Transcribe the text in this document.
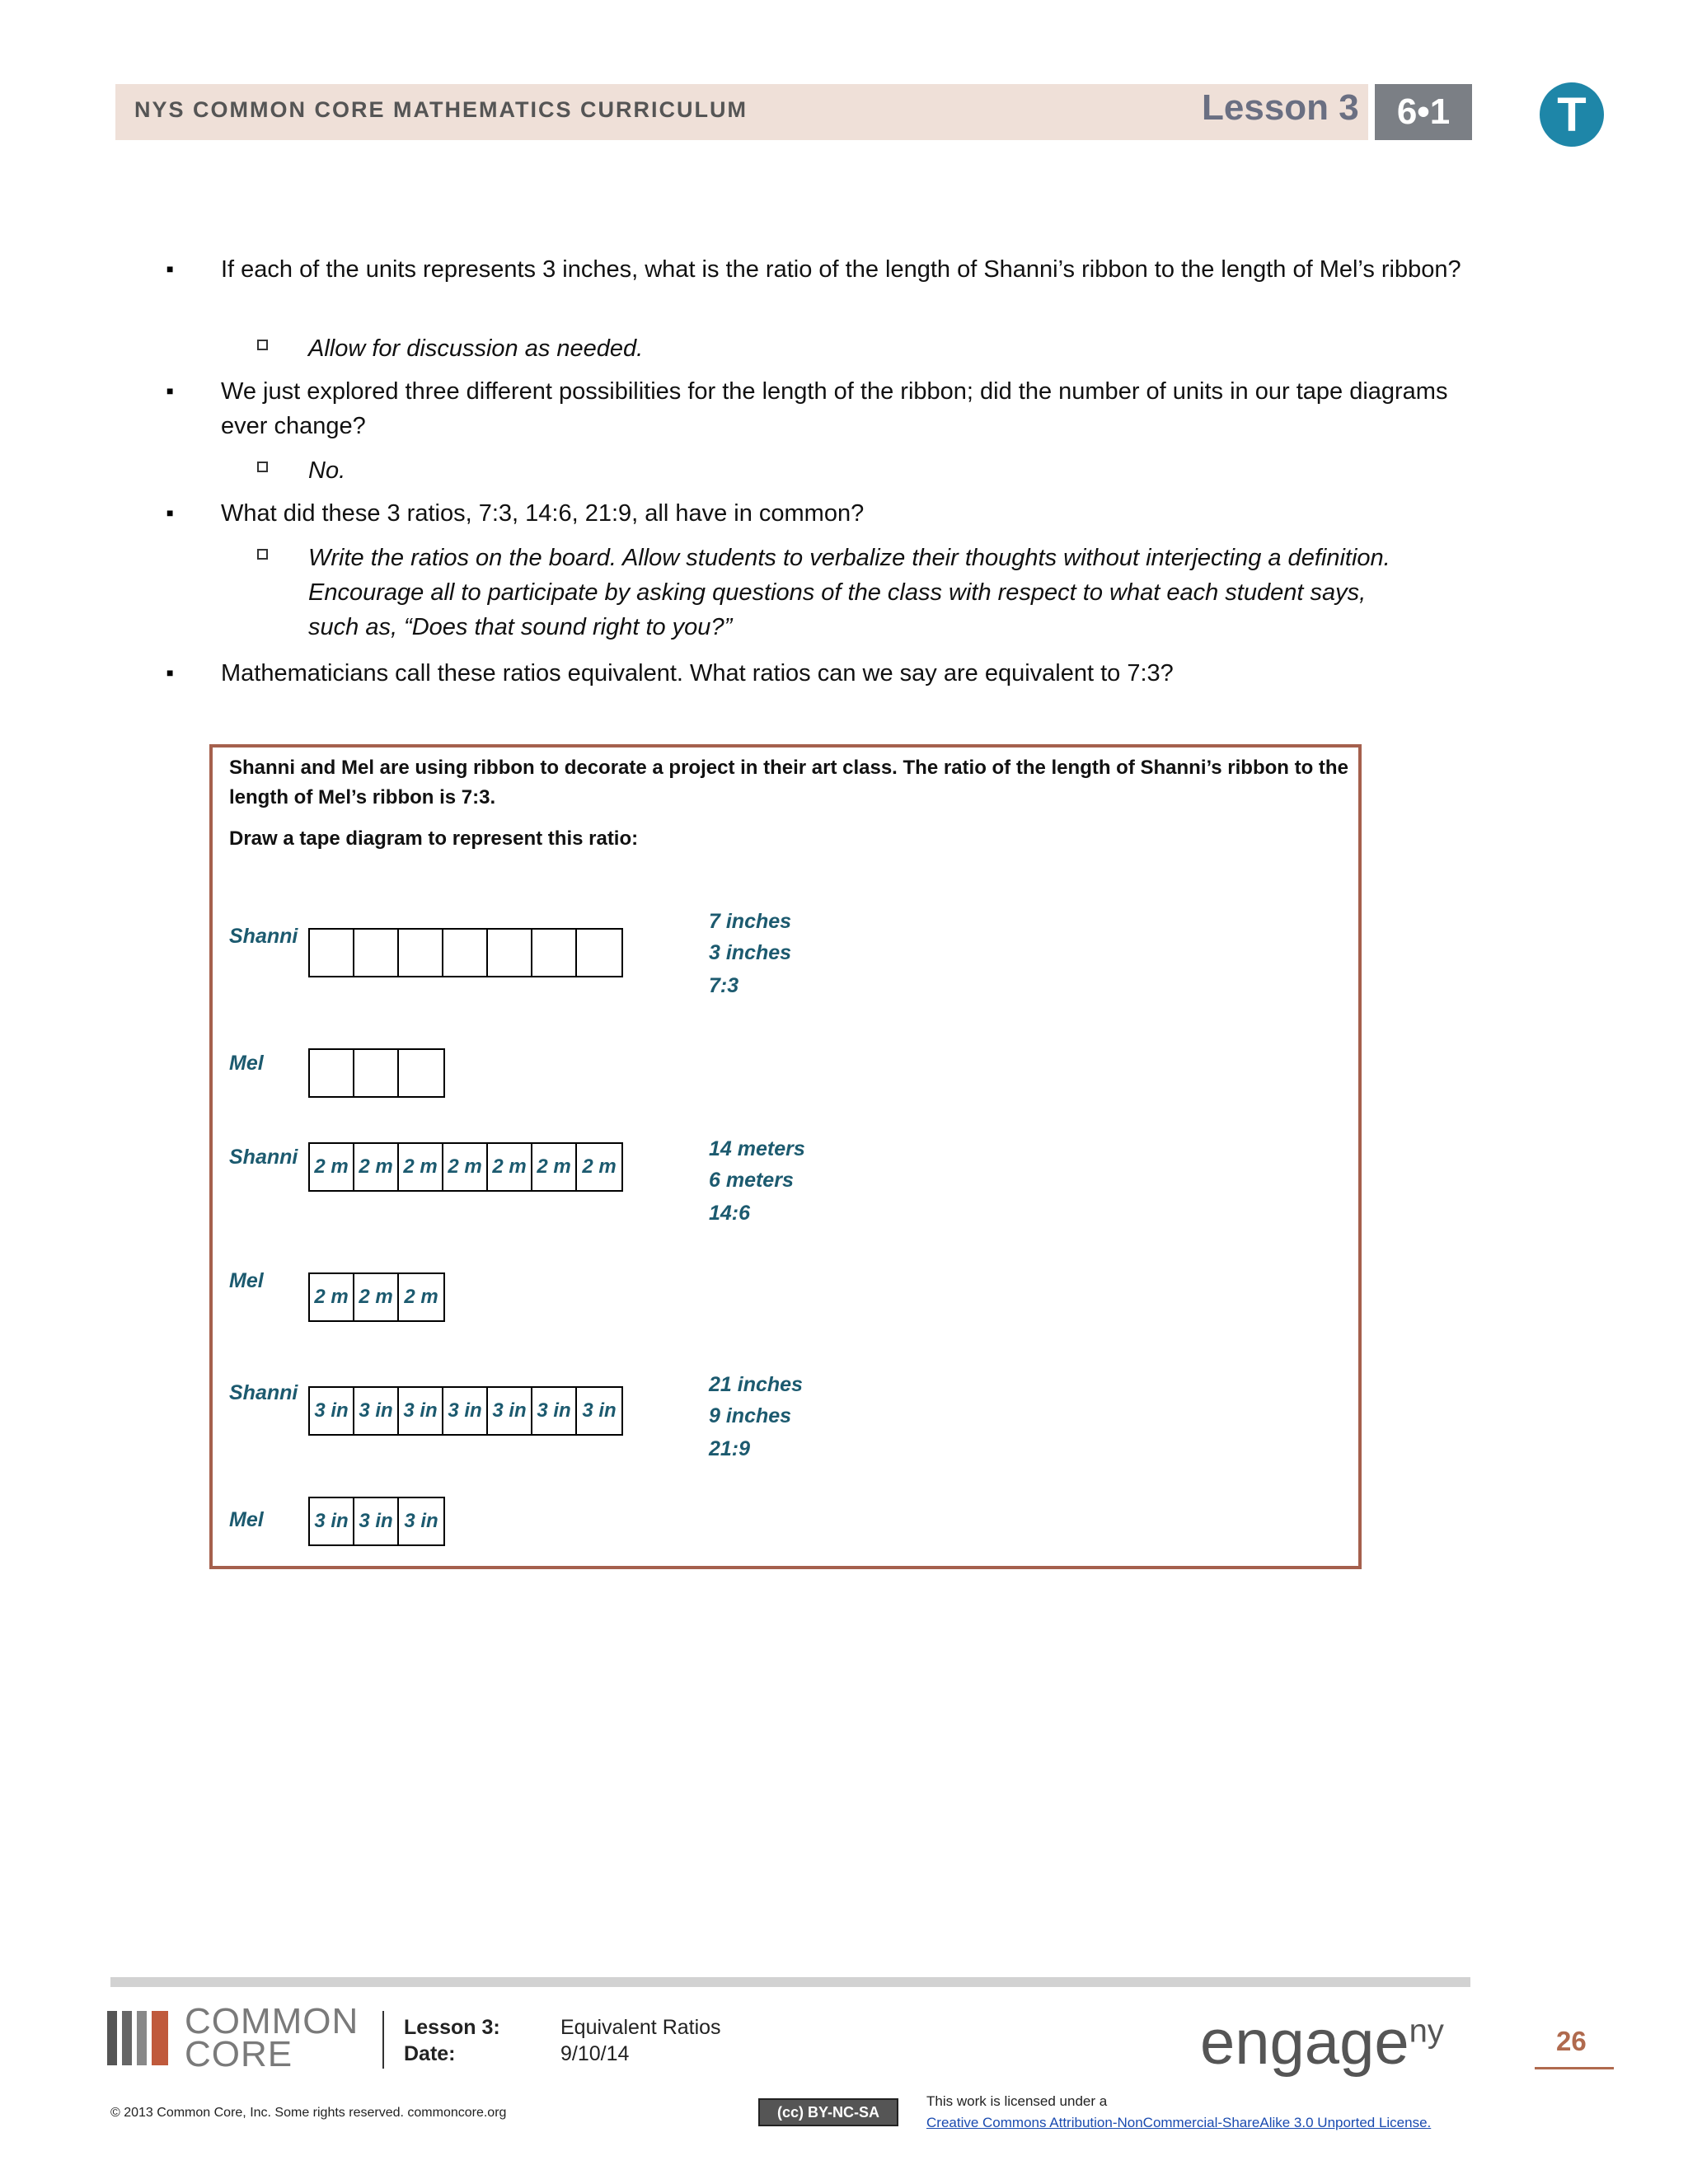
NYS COMMON CORE MATHEMATICS CURRICULUM	Lesson 3	6•1	T
■ If each of the units represents 3 inches, what is the ratio of the length of Shanni’s ribbon to the length of Mel’s ribbon?
Allow for discussion as needed.
■ We just explored three different possibilities for the length of the ribbon; did the number of units in our tape diagrams ever change?
No.
■ What did these 3 ratios, 7:3, 14:6, 21:9, all have in common?
Write the ratios on the board. Allow students to verbalize their thoughts without interjecting a definition. Encourage all to participate by asking questions of the class with respect to what each student says, such as, “Does that sound right to you?”
■ Mathematicians call these ratios equivalent. What ratios can we say are equivalent to 7:3?
Shanni and Mel are using ribbon to decorate a project in their art class. The ratio of the length of Shanni’s ribbon to the length of Mel’s ribbon is 7:3.
Draw a tape diagram to represent this ratio:
Shanni
7 inches
3 inches
7:3
Mel
Shanni 2 m 2 m 2 m 2 m 2 m 2 m 2 m
14 meters
6 meters
14:6
Mel
2 m 2 m 2 m
Shanni
3 in 3 in 3 in 3 in 3 in 3 in 3 in
21 inches
9 inches
21:9
Mel	3 in 3 in 3 in
COMMON
CORE
Lesson 3:	Equivalent Ratios
Date:	9/10/14	engage$^{ny}$	26
© 2013 Common Core, Inc. Some rights reserved. commoncore.org	(cc) BY-NC-SA
This work is licensed under a
Creative Commons Attribution-NonCommercial-ShareAlike 3.0 Unported License.
